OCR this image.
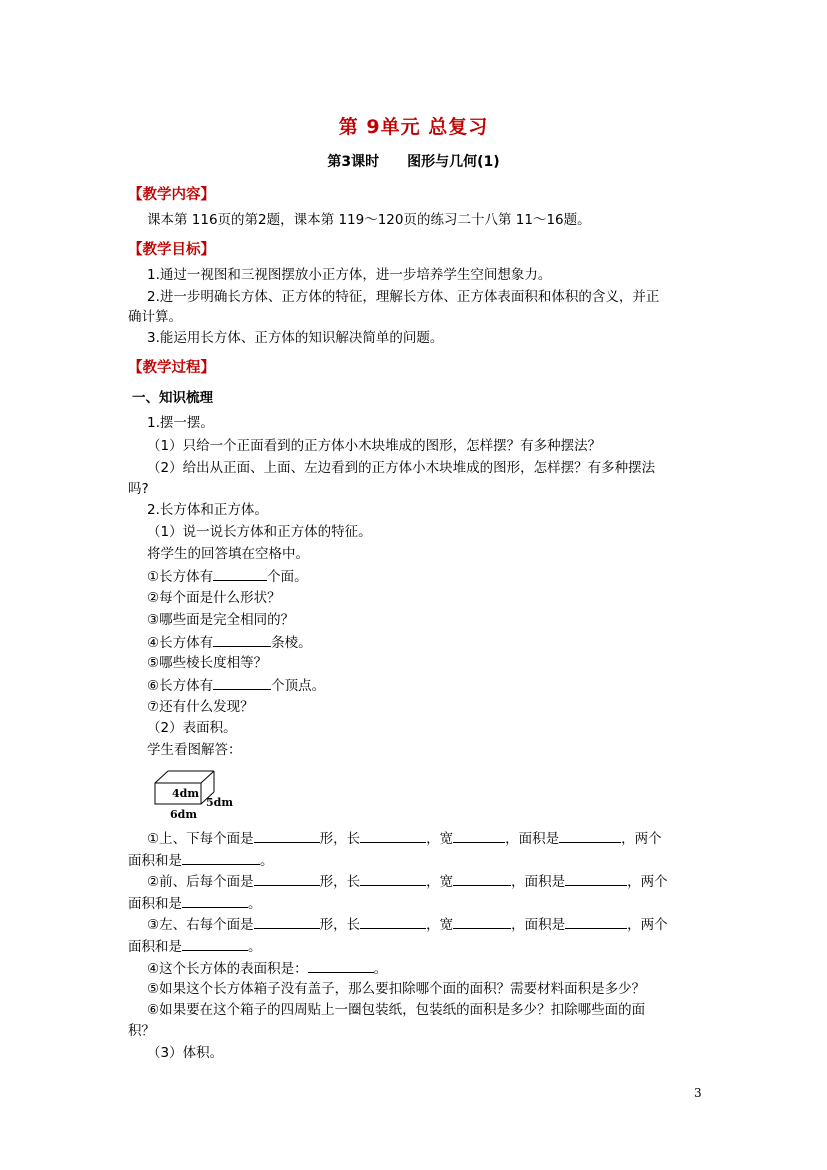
第 9单元 总复习
第3课时 图形与几何(1)
【教学内容】
课本第 116页的第2题，课本第 119～120页的练习二十八第 11～16题。
【教学目标】
1.通过一视图和三视图摆放小正方体，进一步培养学生空间想象力。
2.进一步明确长方体、正方体的特征，理解长方体、正方体表面积和体积的含义，并正
确计算。
3.能运用长方体、正方体的知识解决简单的问题。
【教学过程】
一、知识梳理
1.摆一摆。
（1）只给一个正面看到的正方体小木块堆成的图形，怎样摆？有多种摆法？
（2）给出从正面、上面、左边看到的正方体小木块堆成的图形，怎样摆？有多种摆法
吗?
2.长方体和正方体。
（1）说一说长方体和正方体的特征。
将学生的回答填在空格中。
①长方体有	个面。
②每个面是什么形状？
③哪些面是完全相同的？
④长方体有	条棱。
⑤哪些棱长度相等？
⑥长方体有	个顶点。
⑦还有什么发现？
（2）表面积。
学生看图解答：
4dm
5dm
6dm
①上、下每个面是	形，长	，宽	，面积是	，两个
面积和是	。
②前、后每个面是	形，长	，宽	，面积是	，两个
面积和是	。
③左、右每个面是	形，长	，宽	，面积是	，两个
面积和是	。
④这个长方体的表面积是：	。
⑤如果这个长方体箱子没有盖子，那么要扣除哪个面的面积？需要材料面积是多少？
⑥如果要在这个箱子的四周贴上一圈包装纸，包装纸的面积是多少？扣除哪些面的面
积？
（3）体积。
3
